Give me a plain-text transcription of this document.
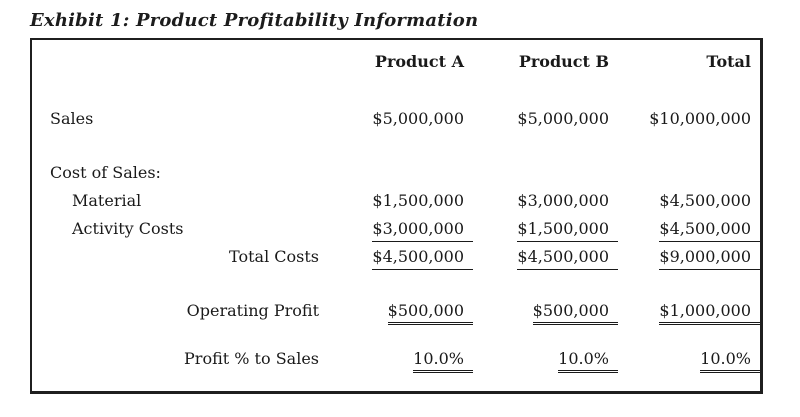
Exhibit 1: Product Profitability Information
Product A	Product B	Total
Sales	$5,000,000	$5,000,000	$10,000,000
Cost of Sales:
Material	$1,500,000	$3,000,000	$4,500,000
Activity Costs	$3,000,000	$1,500,000	$4,500,000
Total Costs	$4,500,000	$4,500,000	$9,000,000
Operating Profit	$500,000	$500,000	$1,000,000
Profit % to Sales	10.0%	10.0%	10.0%
